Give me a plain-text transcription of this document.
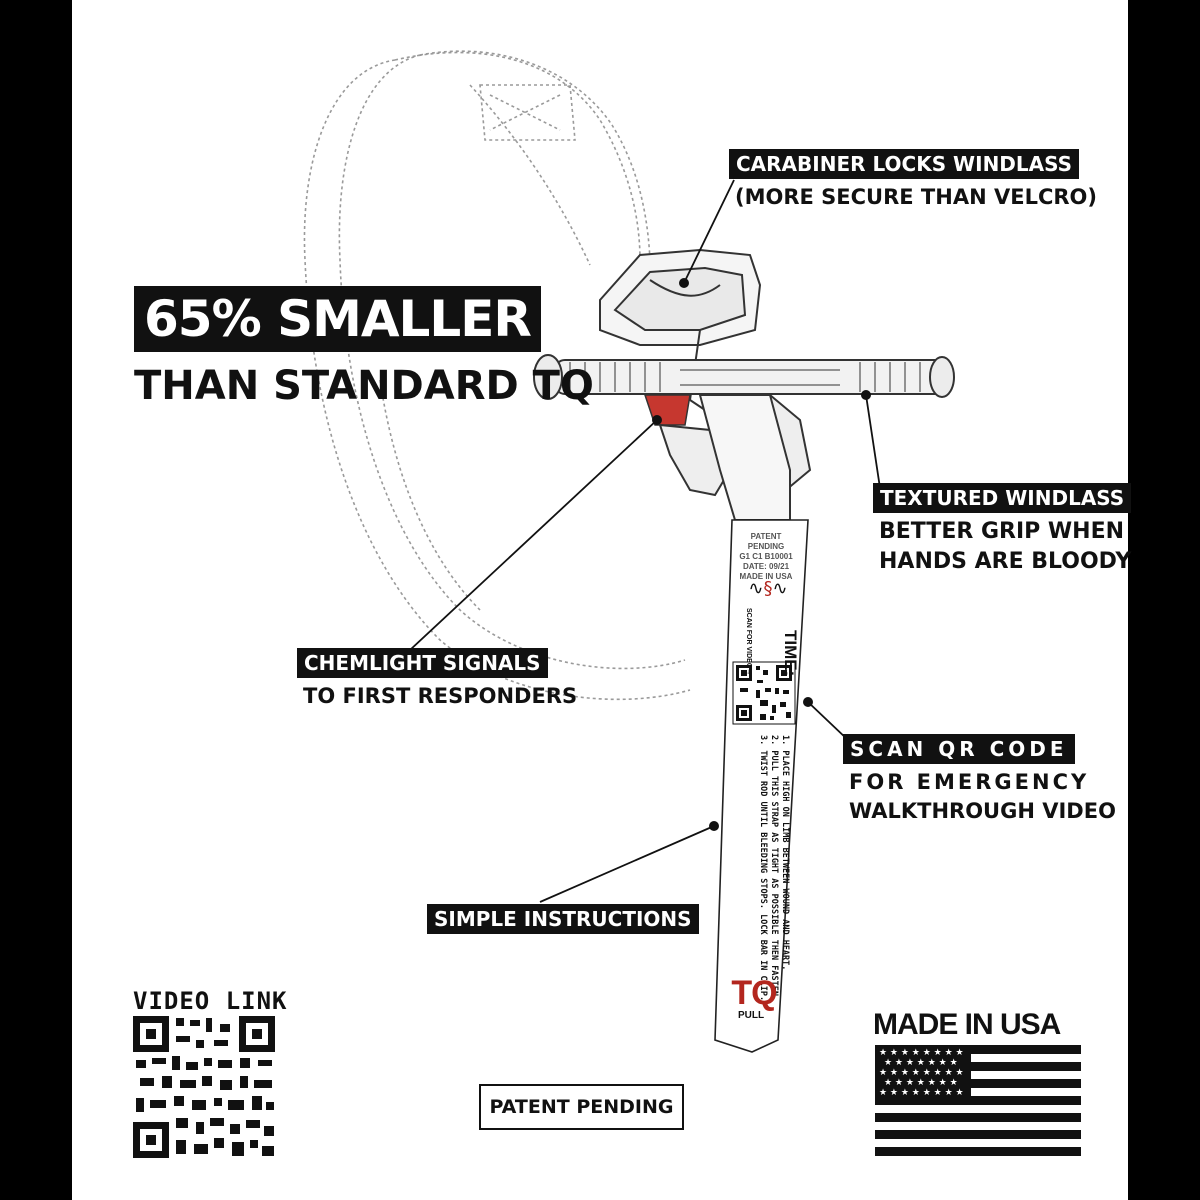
★ ★ ★ ★ ★ ★ ★ ★
★ ★ ★ ★ ★ ★ ★
★ ★ ★ ★ ★ ★ ★ ★
★ ★ ★ ★ ★ ★ ★
★ ★ ★ ★ ★ ★ ★ ★
PATENT PENDING
G1 C1 B10001
DATE: 09/21
MADE IN USA
∿§∿
TIME:
SCAN FOR VIDEO→
1. PLACE HIGH ON LIMB BETWEEN WOUND AND HEART.
2. PULL THIS STRAP AS TIGHT AS POSSIBLE THEN FASTEN.
3. TWIST ROD UNTIL BLEEDING STOPS. LOCK BAR IN CLIP.
TQ
PULL
65% SMALLER
THAN STANDARD TQ
CARABINER LOCKS WINDLASS
(MORE SECURE THAN VELCRO)
TEXTURED WINDLASS
BETTER GRIP WHEN
HANDS ARE BLOODY
CHEMLIGHT SIGNALS
TO FIRST RESPONDERS
SCAN QR CODE
FOR EMERGENCY
WALKTHROUGH VIDEO
SIMPLE INSTRUCTIONS
VIDEO LINK
PATENT PENDING
MADE IN USA
